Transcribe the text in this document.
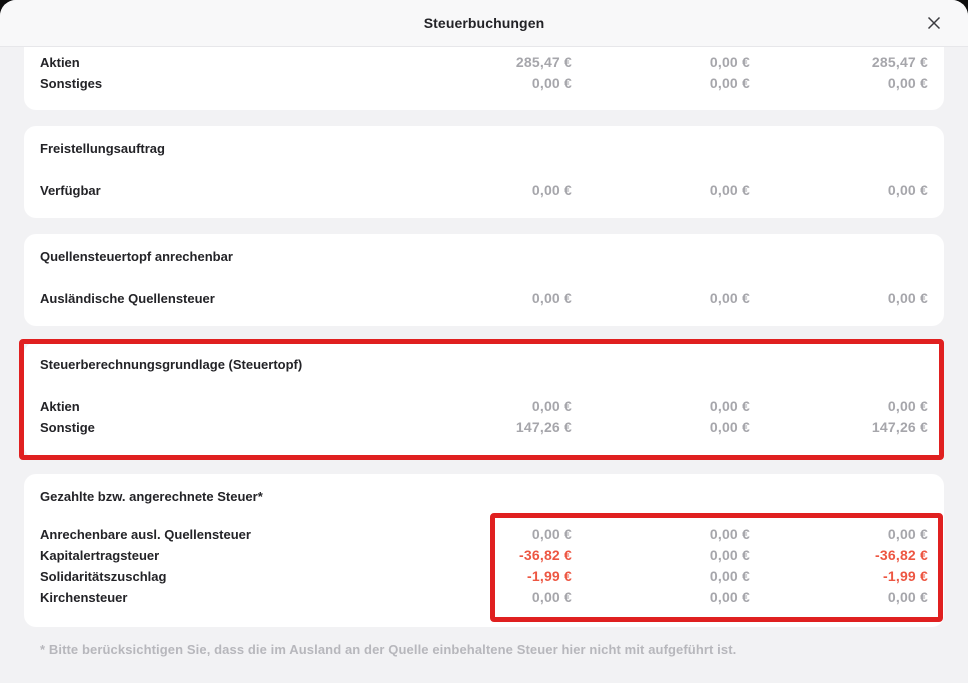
Steuerbuchungen
Aktien	285,47 €	0,00 €	285,47 €
Sonstiges	0,00 €	0,00 €	0,00 €
Freistellungsauftrag
Verfügbar	0,00 €	0,00 €	0,00 €
Quellensteuertopf anrechenbar
Ausländische Quellensteuer	0,00 €	0,00 €	0,00 €
Steuerberechnungsgrundlage (Steuertopf)
Aktien	0,00 €	0,00 €	0,00 €
Sonstige	147,26 €	0,00 €	147,26 €
Gezahlte bzw. angerechnete Steuer*
Anrechenbare ausl. Quellensteuer	0,00 €	0,00 €	0,00 €
Kapitalertragsteuer	-36,82 €	0,00 €	-36,82 €
Solidaritätszuschlag	-1,99 €	0,00 €	-1,99 €
Kirchensteuer	0,00 €	0,00 €	0,00 €
* Bitte berücksichtigen Sie, dass die im Ausland an der Quelle einbehaltene Steuer hier nicht mit aufgeführt ist.
